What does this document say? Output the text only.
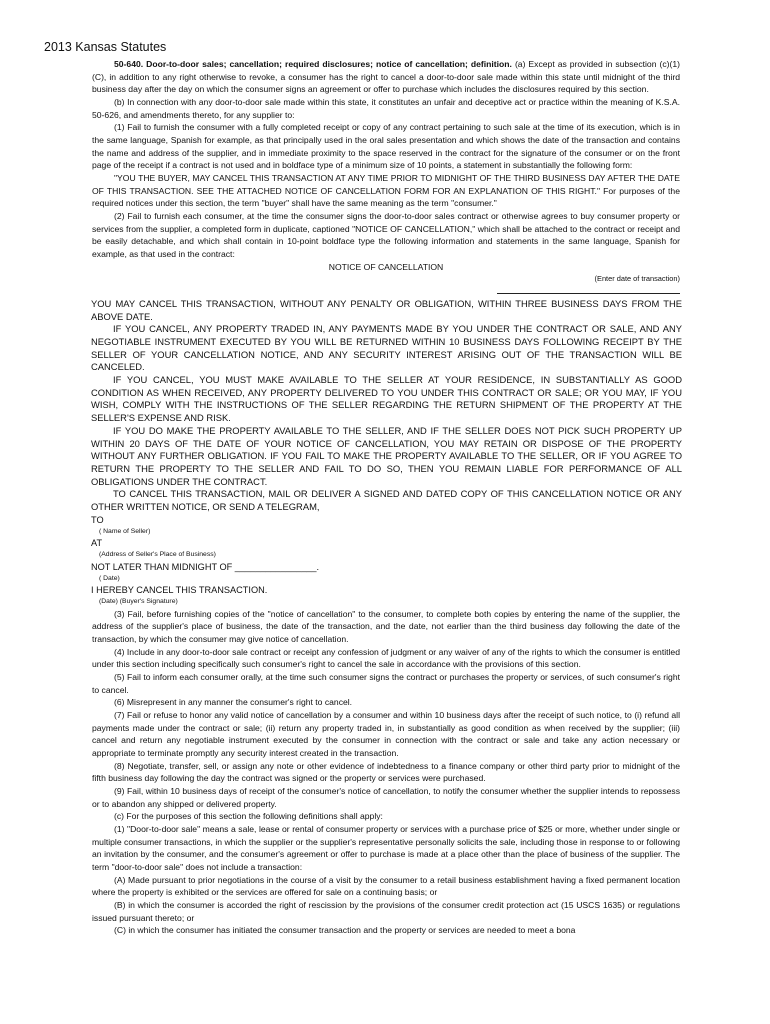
2013 Kansas Statutes

50-640. Door-to-door sales; cancellation; required disclosures; notice of cancellation; definition. (a) Except as provided in subsection (c)(1)(C), in addition to any right otherwise to revoke, a consumer has the right to cancel a door-to-door sale made within this state until midnight of the third business day after the day on which the consumer signs an agreement or offer to purchase which includes the disclosures required by this section.

(b) In connection with any door-to-door sale made within this state, it constitutes an unfair and deceptive act or practice within the meaning of K.S.A. 50-626, and amendments thereto, for any supplier to:

(1) Fail to furnish the consumer with a fully completed receipt or copy of any contract pertaining to such sale at the time of its execution, which is in the same language, Spanish for example, as that principally used in the oral sales presentation and which shows the date of the transaction and contains the name and address of the supplier, and in immediate proximity to the space reserved in the contract for the signature of the consumer or on the front page of the receipt if a contract is not used and in boldface type of a minimum size of 10 points, a statement in substantially the following form:

"YOU THE BUYER, MAY CANCEL THIS TRANSACTION AT ANY TIME PRIOR TO MIDNIGHT OF THE THIRD BUSINESS DAY AFTER THE DATE OF THIS TRANSACTION. SEE THE ATTACHED NOTICE OF CANCELLATION FORM FOR AN EXPLANATION OF THIS RIGHT." For purposes of the required notices under this section, the term "buyer" shall have the same meaning as the term "consumer."

(2) Fail to furnish each consumer, at the time the consumer signs the door-to-door sales contract or otherwise agrees to buy consumer property or services from the supplier, a completed form in duplicate, captioned "NOTICE OF CANCELLATION," which shall be attached to the contract or receipt and be easily detachable, and which shall contain in 10-point boldface type the following information and statements in the same language, Spanish for example, as that used in the contract:

NOTICE OF CANCELLATION

(Enter date of transaction)

YOU MAY CANCEL THIS TRANSACTION, WITHOUT ANY PENALTY OR OBLIGATION, WITHIN THREE BUSINESS DAYS FROM THE ABOVE DATE.

IF YOU CANCEL, ANY PROPERTY TRADED IN, ANY PAYMENTS MADE BY YOU UNDER THE CONTRACT OR SALE, AND ANY NEGOTIABLE INSTRUMENT EXECUTED BY YOU WILL BE RETURNED WITHIN 10 BUSINESS DAYS FOLLOWING RECEIPT BY THE SELLER OF YOUR CANCELLATION NOTICE, AND ANY SECURITY INTEREST ARISING OUT OF THE TRANSACTION WILL BE CANCELED.

IF YOU CANCEL, YOU MUST MAKE AVAILABLE TO THE SELLER AT YOUR RESIDENCE, IN SUBSTANTIALLY AS GOOD CONDITION AS WHEN RECEIVED, ANY PROPERTY DELIVERED TO YOU UNDER THIS CONTRACT OR SALE; OR YOU MAY, IF YOU WISH, COMPLY WITH THE INSTRUCTIONS OF THE SELLER REGARDING THE RETURN SHIPMENT OF THE PROPERTY AT THE SELLER'S EXPENSE AND RISK.

IF YOU DO MAKE THE PROPERTY AVAILABLE TO THE SELLER, AND IF THE SELLER DOES NOT PICK SUCH PROPERTY UP WITHIN 20 DAYS OF THE DATE OF YOUR NOTICE OF CANCELLATION, YOU MAY RETAIN OR DISPOSE OF THE PROPERTY WITHOUT ANY FURTHER OBLIGATION. IF YOU FAIL TO MAKE THE PROPERTY AVAILABLE TO THE SELLER, OR IF YOU AGREE TO RETURN THE PROPERTY TO THE SELLER AND FAIL TO DO SO, THEN YOU REMAIN LIABLE FOR PERFORMANCE OF ALL OBLIGATIONS UNDER THE CONTRACT.

TO CANCEL THIS TRANSACTION, MAIL OR DELIVER A SIGNED AND DATED COPY OF THIS CANCELLATION NOTICE OR ANY OTHER WRITTEN NOTICE, OR SEND A TELEGRAM,

TO

( Name of Seller)

AT

(Address of Seller's Place of Business)

NOT LATER THAN MIDNIGHT OF ________________.

( Date)

I HEREBY CANCEL THIS TRANSACTION.

(Date) (Buyer's Signature)

(3) Fail, before furnishing copies of the "notice of cancellation" to the consumer, to complete both copies by entering the name of the supplier, the address of the supplier's place of business, the date of the transaction, and the date, not earlier than the third business day following the date of the transaction, by which the consumer may give notice of cancellation.

(4) Include in any door-to-door sale contract or receipt any confession of judgment or any waiver of any of the rights to which the consumer is entitled under this section including specifically such consumer's right to cancel the sale in accordance with the provisions of this section.

(5) Fail to inform each consumer orally, at the time such consumer signs the contract or purchases the property or services, of such consumer's right to cancel.

(6) Misrepresent in any manner the consumer's right to cancel.

(7) Fail or refuse to honor any valid notice of cancellation by a consumer and within 10 business days after the receipt of such notice, to (i) refund all payments made under the contract or sale; (ii) return any property traded in, in substantially as good condition as when received by the supplier; (iii) cancel and return any negotiable instrument executed by the consumer in connection with the contract or sale and take any action necessary or appropriate to terminate promptly any security interest created in the transaction.

(8) Negotiate, transfer, sell, or assign any note or other evidence of indebtedness to a finance company or other third party prior to midnight of the fifth business day following the day the contract was signed or the property or services were purchased.

(9) Fail, within 10 business days of receipt of the consumer's notice of cancellation, to notify the consumer whether the supplier intends to repossess or to abandon any shipped or delivered property.

(c) For the purposes of this section the following definitions shall apply:

(1) "Door-to-door sale" means a sale, lease or rental of consumer property or services with a purchase price of $25 or more, whether under single or multiple consumer transactions, in which the supplier or the supplier's representative personally solicits the sale, including those in response to or following an invitation by the consumer, and the consumer's agreement or offer to purchase is made at a place other than the place of business of the supplier. The term "door-to-door sale" does not include a transaction:

(A) Made pursuant to prior negotiations in the course of a visit by the consumer to a retail business establishment having a fixed permanent location where the property is exhibited or the services are offered for sale on a continuing basis; or

(B) in which the consumer is accorded the right of rescission by the provisions of the consumer credit protection act (15 USCS 1635) or regulations issued pursuant thereto; or

(C) in which the consumer has initiated the consumer transaction and the property or services are needed to meet a bona
